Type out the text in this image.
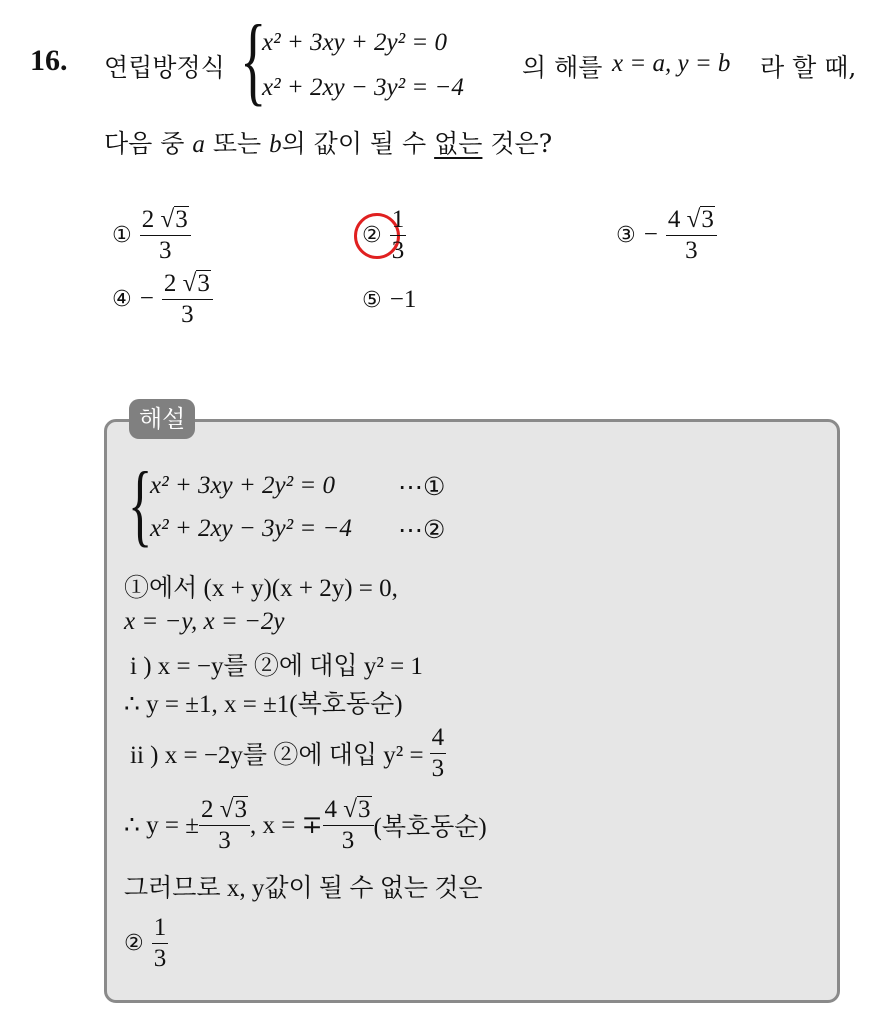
16. 연립방정식 {
x² + 3xy + 2y² = 0
x² + 2xy − 3y² = −4
의 해를 x = a, y = b 라 할 때,
다음 중 a 또는 b의 값이 될 수 없는 것은?
① $\frac{2 √3}{3}$	② $\frac{1}{3}$	③ − $\frac{4 √3}{3}$
④ − $\frac{2 √3}{3}$	⑤ −1
해설
{
x² + 3xy + 2y² = 0	⋯①
x² + 2xy − 3y² = −4 ⋯②
①에서 (x + y)(x + 2y) = 0,
x = −y, x = −2y
i ) x = −y를 ②에 대입 y² = 1
∴ y = ±1, x = ±1(복호동순)
ii ) x = −2y를 ②에 대입 $y^2 = \frac{4}{3}$
∴ y = ± $\frac{2 √3}{3}$ , x = ∓ $\frac{4 √3}{3}$ (복호동순)
그러므로 x, y값이 될 수 없는 것은
② $\frac{1}{3}$
